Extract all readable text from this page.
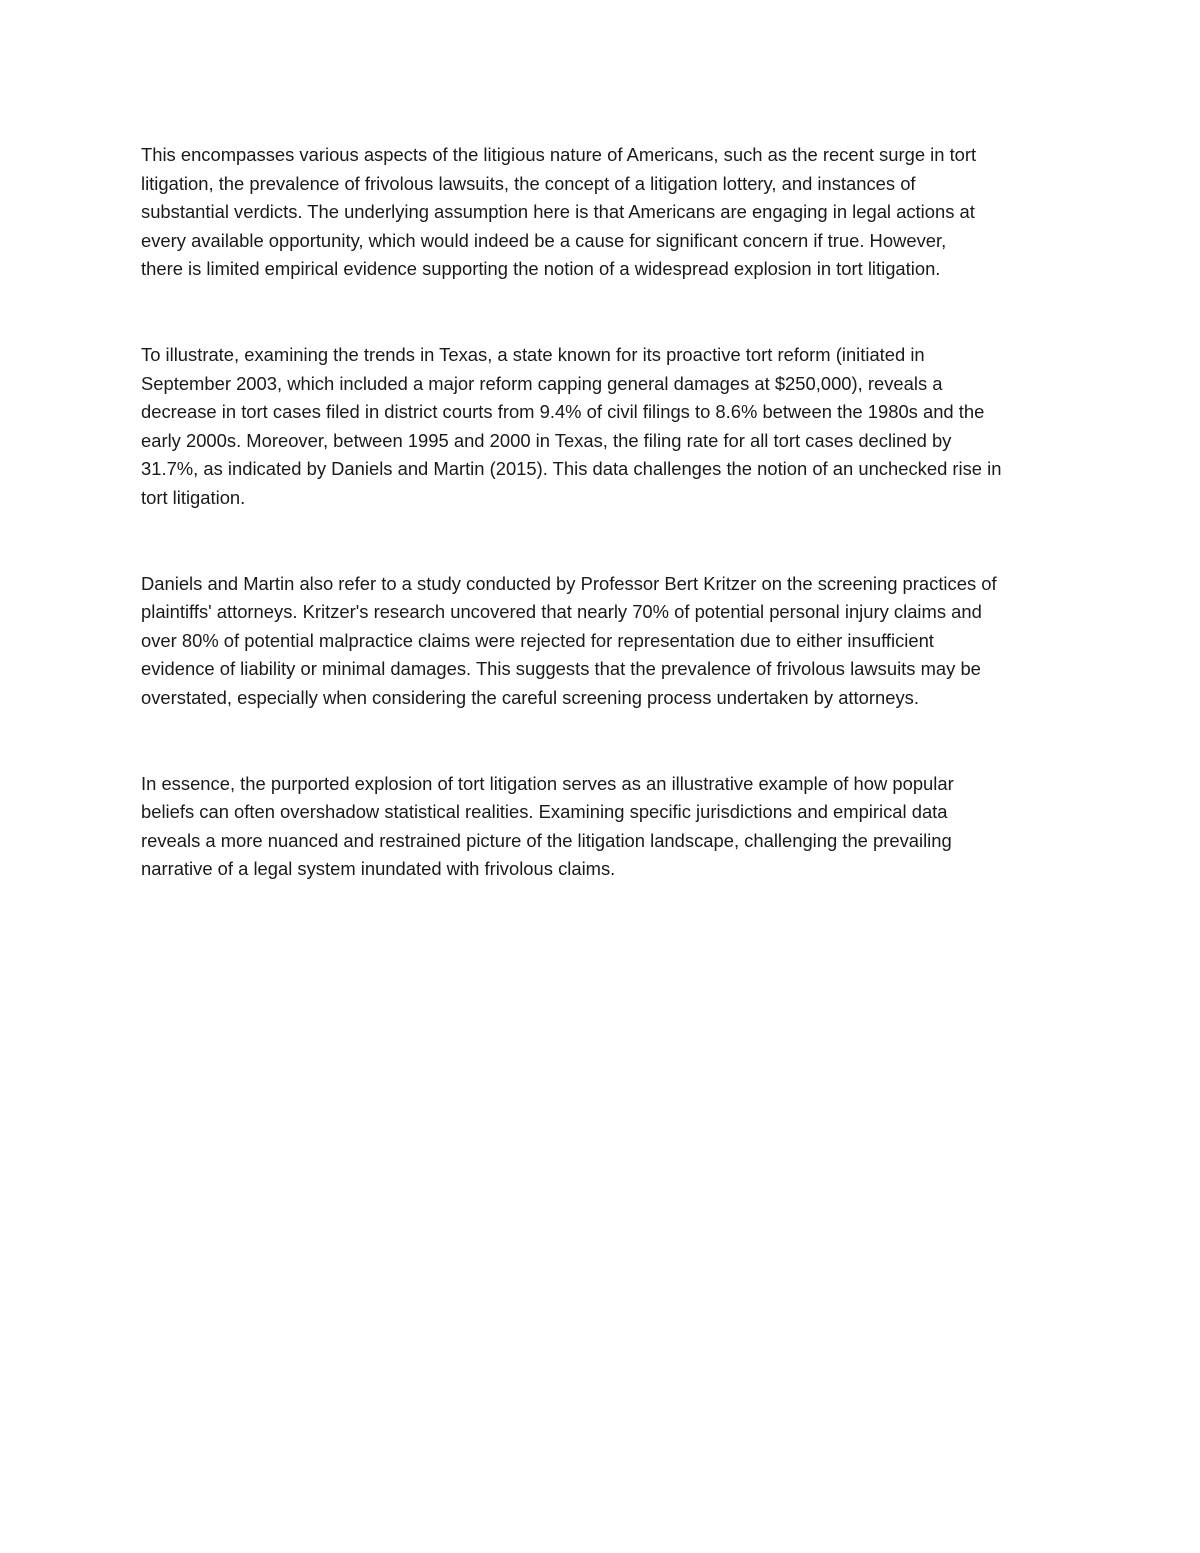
This encompasses various aspects of the litigious nature of Americans, such as the recent surge in tort
litigation, the prevalence of frivolous lawsuits, the concept of a litigation lottery, and instances of
substantial verdicts. The underlying assumption here is that Americans are engaging in legal actions at
every available opportunity, which would indeed be a cause for significant concern if true. However,
there is limited empirical evidence supporting the notion of a widespread explosion in tort litigation.

To illustrate, examining the trends in Texas, a state known for its proactive tort reform (initiated in
September 2003, which included a major reform capping general damages at $250,000), reveals a
decrease in tort cases filed in district courts from 9.4% of civil filings to 8.6% between the 1980s and the
early 2000s. Moreover, between 1995 and 2000 in Texas, the filing rate for all tort cases declined by
31.7%, as indicated by Daniels and Martin (2015). This data challenges the notion of an unchecked rise in
tort litigation.

Daniels and Martin also refer to a study conducted by Professor Bert Kritzer on the screening practices of
plaintiffs' attorneys. Kritzer's research uncovered that nearly 70% of potential personal injury claims and
over 80% of potential malpractice claims were rejected for representation due to either insufficient
evidence of liability or minimal damages. This suggests that the prevalence of frivolous lawsuits may be
overstated, especially when considering the careful screening process undertaken by attorneys.

In essence, the purported explosion of tort litigation serves as an illustrative example of how popular
beliefs can often overshadow statistical realities. Examining specific jurisdictions and empirical data
reveals a more nuanced and restrained picture of the litigation landscape, challenging the prevailing
narrative of a legal system inundated with frivolous claims.
